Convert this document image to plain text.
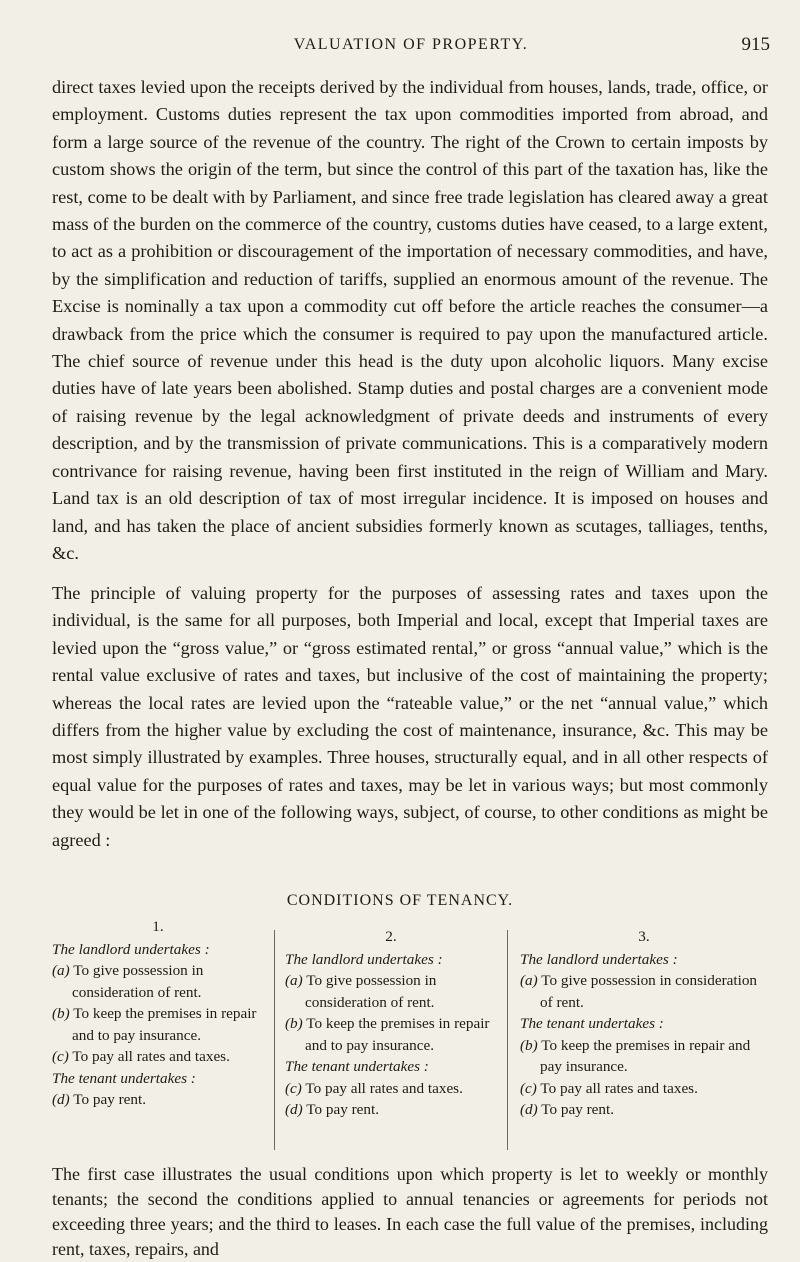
VALUATION OF PROPERTY.	915

direct taxes levied upon the receipts derived by the individual from houses, lands, trade, office, or employment. Customs duties represent the tax upon commodities imported from abroad, and form a large source of the revenue of the country. The right of the Crown to certain imposts by custom shows the origin of the term, but since the control of this part of the taxation has, like the rest, come to be dealt with by Parliament, and since free trade legislation has cleared away a great mass of the burden on the commerce of the country, customs duties have ceased, to a large extent, to act as a prohibition or discouragement of the importation of necessary commodities, and have, by the simplification and reduction of tariffs, supplied an enormous amount of the revenue. The Excise is nominally a tax upon a commodity cut off before the article reaches the consumer—a drawback from the price which the consumer is required to pay upon the manufactured article. The chief source of revenue under this head is the duty upon alcoholic liquors. Many excise duties have of late years been abolished. Stamp duties and postal charges are a convenient mode of raising revenue by the legal acknowledgment of private deeds and instruments of every description, and by the transmission of private communications. This is a comparatively modern contrivance for raising revenue, having been first instituted in the reign of William and Mary. Land tax is an old description of tax of most irregular incidence. It is imposed on houses and land, and has taken the place of ancient subsidies formerly known as scutages, talliages, tenths, &c.

The principle of valuing property for the purposes of assessing rates and taxes upon the individual, is the same for all purposes, both Imperial and local, except that Imperial taxes are levied upon the “gross value,” or “gross estimated rental,” or gross “annual value,” which is the rental value exclusive of rates and taxes, but inclusive of the cost of maintaining the property; whereas the local rates are levied upon the “rateable value,” or the net “annual value,” which differs from the higher value by excluding the cost of maintenance, insurance, &c. This may be most simply illustrated by examples. Three houses, structurally equal, and in all other respects of equal value for the purposes of rates and taxes, may be let in various ways; but most commonly they would be let in one of the following ways, subject, of course, to other conditions as might be agreed :

CONDITIONS OF TENANCY.
1.
The landlord undertakes :
(a) To give possession in consideration of rent.
(b) To keep the premises in repair and to pay insurance.
(c) To pay all rates and taxes.
The tenant undertakes :
(d) To pay rent.
2.
The landlord undertakes :
(a) To give possession in consideration of rent.
(b) To keep the premises in repair and to pay insurance.
The tenant undertakes :
(c) To pay all rates and taxes.
(d) To pay rent.
3.
The landlord undertakes :
(a) To give possession in consideration of rent.
The tenant undertakes :
(b) To keep the premises in repair and pay insurance.
(c) To pay all rates and taxes.
(d) To pay rent.

The first case illustrates the usual conditions upon which property is let to weekly or monthly tenants; the second the conditions applied to annual tenancies or agreements for periods not exceeding three years; and the third to leases. In each case the full value of the premises, including rent, taxes, repairs, and
